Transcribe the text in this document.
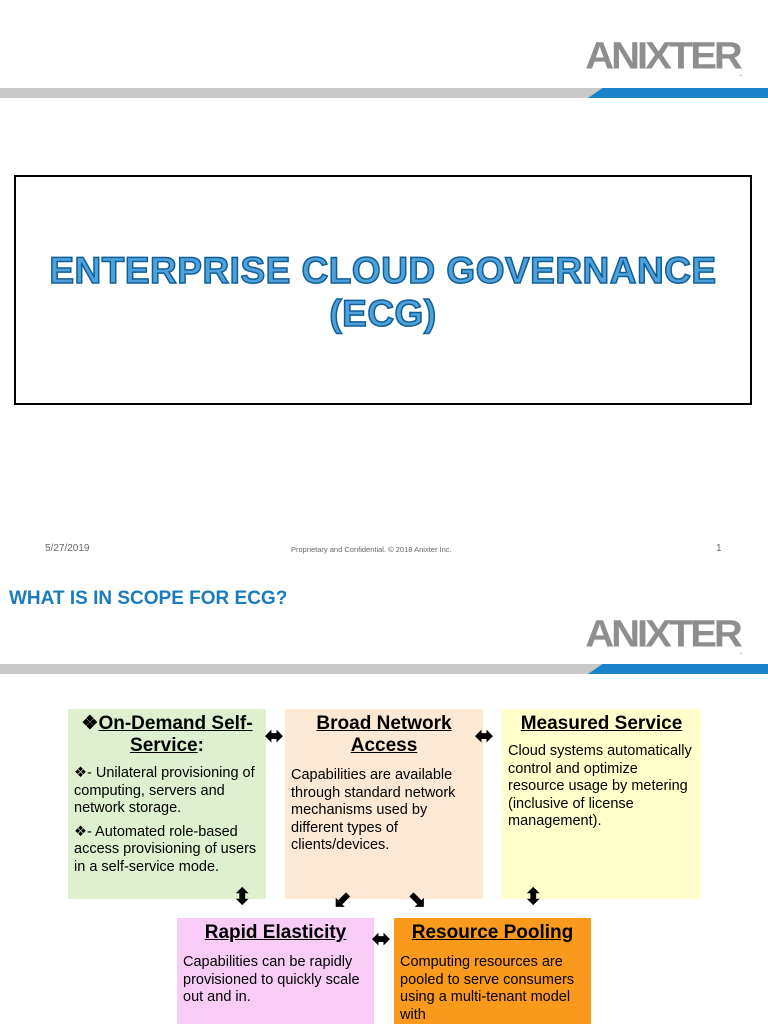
ANIXTER.
ENTERPRISE CLOUD GOVERNANCE
(ECG)
5/27/2019	Proprietary and Confidential. © 2018 Anixter Inc.	1
WHAT IS IN SCOPE FOR ECG?
ANIXTER.
❖On-Demand Self-Service:

❖- Unilateral provisioning of computing, servers and network storage.

❖- Automated role-based access provisioning of users in a self-service mode.

Broad Network Access

Capabilities are available through standard network mechanisms used by different types of clients/devices.

Measured Service

Cloud systems automatically control and optimize resource usage by metering (inclusive of license management).

Rapid Elasticity

Capabilities can be rapidly provisioned to quickly scale out and in.

Resource Pooling

Computing resources are pooled to serve consumers using a multi-tenant model with

⬌	⬌
⬍	⬍
⬋	⬊
⬌
